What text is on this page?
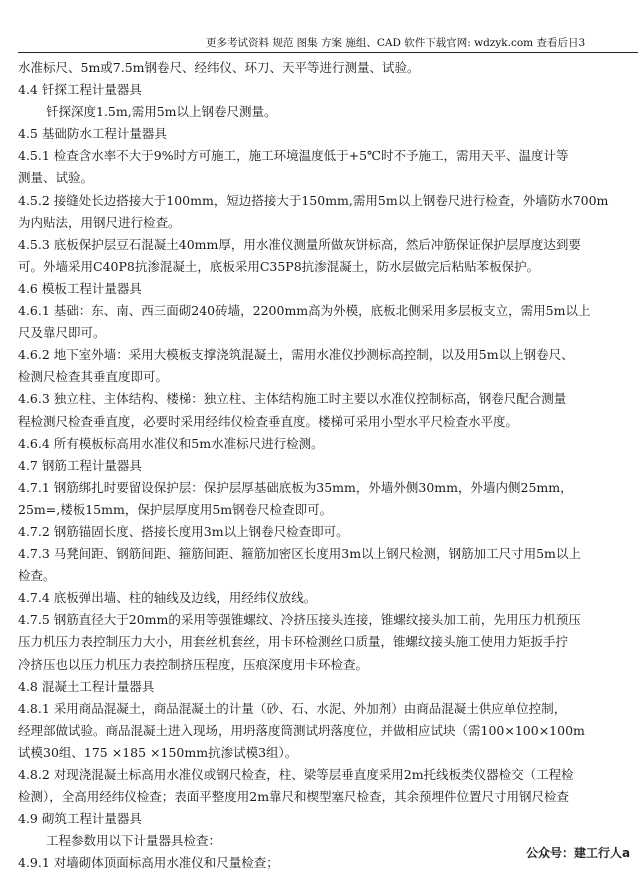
更多考试资料 规范 图集 方案 施组、CAD 软件下载官网: wdzyk.com 查看后日3
水准标尺、5m或7.5m钢卷尺、经纬仪、环刀、天平等进行测量、试验。
4.4 钎探工程计量器具
钎探深度1.5m,需用5m以上钢卷尺测量。
4.5 基础防水工程计量器具
4.5.1 检查含水率不大于9%时方可施工，施工环境温度低于+5℃时不予施工，需用天平、温度计等
测量、试验。
4.5.2 接缝处长边搭接大于100mm，短边搭接大于150mm,需用5m以上钢卷尺进行检查，外墙防水700m
为内贴法，用钢尺进行检查。
4.5.3 底板保护层豆石混凝土40mm厚，用水准仪测量所做灰饼标高，然后冲筋保证保护层厚度达到要
可。外墙采用C40P8抗渗混凝土，底板采用C35P8抗渗混凝土，防水层做完后粘贴苯板保护。
4.6 模板工程计量器具
4.6.1 基础：东、南、西三面砌240砖墙，2200mm高为外模，底板北侧采用多层板支立，需用5m以上
尺及靠尺即可。
4.6.2 地下室外墙：采用大模板支撑浇筑混凝土，需用水准仪抄测标高控制，以及用5m以上钢卷尺、
检测尺检查其垂直度即可。
4.6.3 独立柱、主体结构、楼梯：独立柱、主体结构施工时主要以水准仪控制标高，钢卷尺配合测量
程检测尺检查垂直度，必要时采用经纬仪检查垂直度。楼梯可采用小型水平尺检查水平度。
4.6.4 所有模板标高用水准仪和5m水准标尺进行检测。
4.7 钢筋工程计量器具
4.7.1 钢筋绑扎时要留设保护层：保护层厚基础底板为35mm，外墙外侧30mm，外墙内侧25mm，
25m=,楼板15mm，保护层厚度用5m钢卷尺检查即可。
4.7.2 钢筋锚固长度、搭接长度用3m以上钢卷尺检查即可。
4.7.3 马凳间距、钢筋间距、箍筋间距、箍筋加密区长度用3m以上钢尺检测，钢筋加工尺寸用5m以上
检查。
4.7.4 底板弹出墙、柱的轴线及边线，用经纬仪放线。
4.7.5 钢筋直径大于20mm的采用等强锥螺纹、冷挤压接头连接，锥螺纹接头加工前，先用压力机预压
压力机压力表控制压力大小，用套丝机套丝，用卡环检测丝口质量，锥螺纹接头施工使用力矩扳手拧
冷挤压也以压力机压力表控制挤压程度，压痕深度用卡环检查。
4.8 混凝土工程计量器具
4.8.1 采用商品混凝土，商品混凝土的计量（砂、石、水泥、外加剂）由商品混凝土供应单位控制，
经理部做试验。商品混凝土进入现场，用坍落度筒测试坍落度位，并做相应试块（需100×100×100m
试模30组、175 ×185 ×150mm抗渗试模3组）。
4.8.2 对现浇混凝土标高用水准仪或钢尺检查，柱、梁等层垂直度采用2m托线板类仪器检交（工程检
检测），全高用经纬仪检查；表面平整度用2m靠尺和楔型塞尺检查，其余预埋件位置尺寸用钢尺检查
4.9 砌筑工程计量器具
工程参数用以下计量器具检查：
4.9.1 对墙砌体顶面标高用水准仪和尺量检查；
公众号：建工行人a
